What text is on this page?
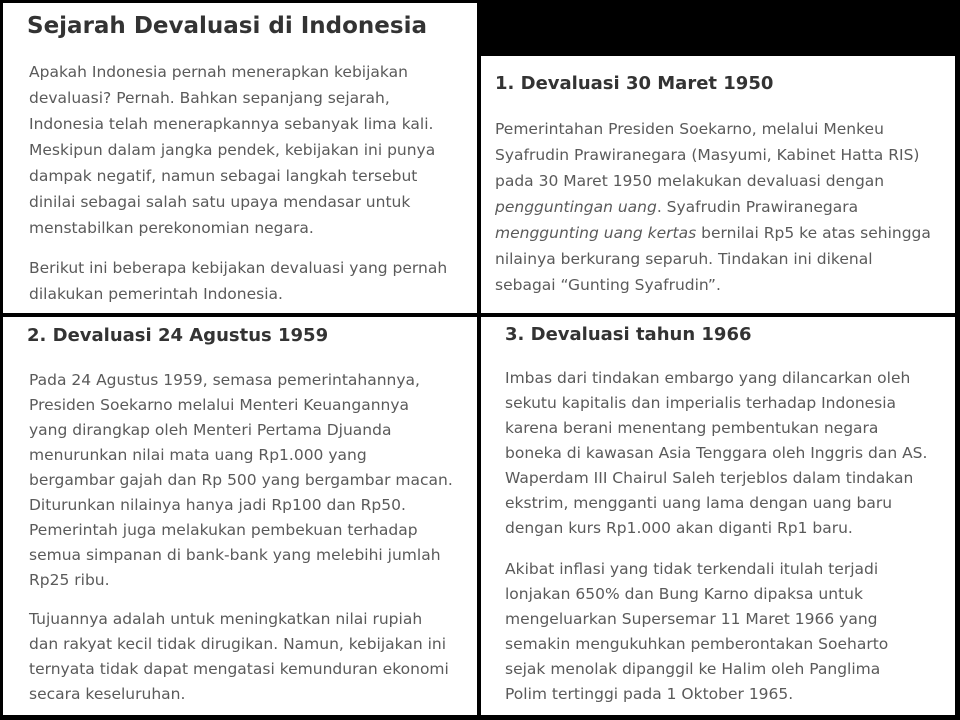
Sejarah Devaluasi di Indonesia
Apakah Indonesia pernah menerapkan kebijakan
devaluasi? Pernah. Bahkan sepanjang sejarah,
Indonesia telah menerapkannya sebanyak lima kali.
Meskipun dalam jangka pendek, kebijakan ini punya
dampak negatif, namun sebagai langkah tersebut
dinilai sebagai salah satu upaya mendasar untuk
menstabilkan perekonomian negara.
Berikut ini beberapa kebijakan devaluasi yang pernah
dilakukan pemerintah Indonesia.
1. Devaluasi 30 Maret 1950
Pemerintahan Presiden Soekarno, melalui Menkeu
Syafrudin Prawiranegara (Masyumi, Kabinet Hatta RIS)
pada 30 Maret 1950 melakukan devaluasi dengan
pengguntingan uang. Syafrudin Prawiranegara
menggunting uang kertas bernilai Rp5 ke atas sehingga
nilainya berkurang separuh. Tindakan ini dikenal
sebagai “Gunting Syafrudin”.
2. Devaluasi 24 Agustus 1959
Pada 24 Agustus 1959, semasa pemerintahannya,
Presiden Soekarno melalui Menteri Keuangannya
yang dirangkap oleh Menteri Pertama Djuanda
menurunkan nilai mata uang Rp1.000 yang
bergambar gajah dan Rp 500 yang bergambar macan.
Diturunkan nilainya hanya jadi Rp100 dan Rp50.
Pemerintah juga melakukan pembekuan terhadap
semua simpanan di bank-bank yang melebihi jumlah
Rp25 ribu.
Tujuannya adalah untuk meningkatkan nilai rupiah
dan rakyat kecil tidak dirugikan. Namun, kebijakan ini
ternyata tidak dapat mengatasi kemunduran ekonomi
secara keseluruhan.
3. Devaluasi tahun 1966
Imbas dari tindakan embargo yang dilancarkan oleh
sekutu kapitalis dan imperialis terhadap Indonesia
karena berani menentang pembentukan negara
boneka di kawasan Asia Tenggara oleh Inggris dan AS.
Waperdam III Chairul Saleh terjeblos dalam tindakan
ekstrim, mengganti uang lama dengan uang baru
dengan kurs Rp1.000 akan diganti Rp1 baru.
Akibat inflasi yang tidak terkendali itulah terjadi
lonjakan 650% dan Bung Karno dipaksa untuk
mengeluarkan Supersemar 11 Maret 1966 yang
semakin mengukuhkan pemberontakan Soeharto
sejak menolak dipanggil ke Halim oleh Panglima
Polim tertinggi pada 1 Oktober 1965.
